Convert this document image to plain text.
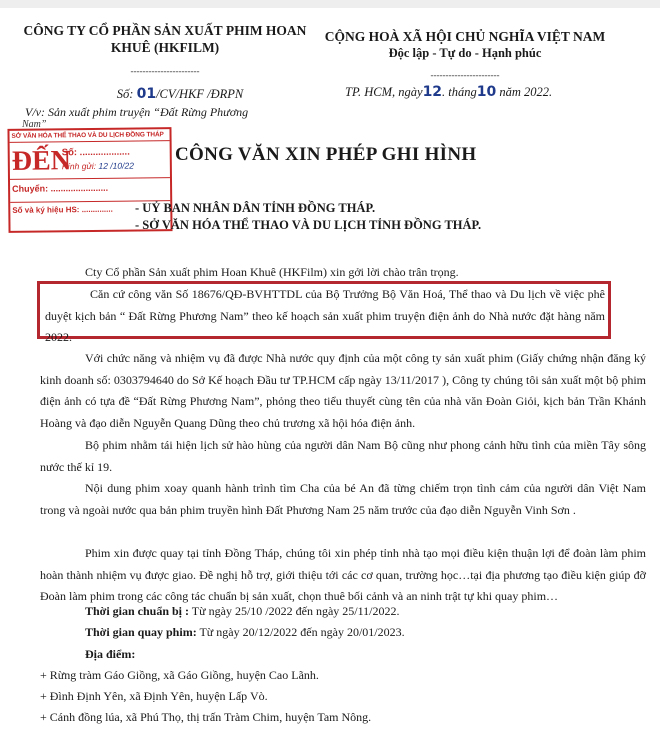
CÔNG TY CỔ PHẦN SẢN XUẤT PHIM HOAN
KHUÊ (HKFILM)
-----------------------
CỘNG HOÀ XÃ HỘI CHỦ NGHĨA VIỆT NAM
Độc lập - Tự do - Hạnh phúc
-----------------------
Số: 01/CV/HKF /ĐRPN
V/v: Sản xuất phim truyện “Đất Rừng Phương
Nam”
TP. HCM, ngày12. tháng10 năm 2022.
SỞ VĂN HÓA THỂ THAO VÀ DU LỊCH ĐỒNG THÁP
ĐẾN
Số: ...................
Kính gửi: 12 /10/22
Chuyển: .......................
Số và ký hiệu HS: ..............
CÔNG VĂN XIN PHÉP GHI HÌNH
- UỶ BAN NHÂN DÂN TỈNH ĐỒNG THÁP.
- SỞ VĂN HÓA THỂ THAO VÀ DU LỊCH TỈNH ĐỒNG THÁP.
Cty Cổ phần Sản xuất phim Hoan Khuê (HKFilm) xin gởi lời chào trân trọng.
Căn cứ công văn Số 18676/QĐ-BVHTTDL của Bộ Trưởng Bộ Văn Hoá, Thể thao và Du lịch về việc phê duyệt kịch bản “ Đất Rừng Phương Nam” theo kế hoạch sản xuất phim truyện điện ảnh do Nhà nước đặt hàng năm 2022.
Với chức năng và nhiệm vụ đã được Nhà nước quy định của một công ty sản xuất phim (Giấy chứng nhận đăng ký kinh doanh số: 0303794640 do Sở Kế hoạch Đầu tư TP.HCM cấp ngày 13/11/2017 ), Công ty chúng tôi sản xuất một bộ phim điện ảnh có tựa đề “Đất Rừng Phương Nam”, phỏng theo tiểu thuyết cùng tên của nhà văn Đoàn Giỏi, kịch bản Trần Khánh Hoàng và đạo diễn Nguyễn Quang Dũng theo chủ trương xã hội hóa điện ảnh.
Bộ phim nhằm tái hiện lịch sử hào hùng của người dân Nam Bộ cũng như phong cảnh hữu tình của miền Tây sông nước thế kỉ 19.
Nội dung phim xoay quanh hành trình tìm Cha của bé An đã từng chiếm trọn tình cảm của người dân Việt Nam trong và ngoài nước qua bản phim truyền hình Đất Phương Nam 25 năm trước của đạo diễn Nguyễn Vinh Sơn .
Phim xin được quay tại tỉnh Đồng Tháp, chúng tôi xin phép tỉnh nhà tạo mọi điều kiện thuận lợi để đoàn làm phim hoàn thành nhiệm vụ được giao. Đề nghị hỗ trợ, giới thiệu tới các cơ quan, trường học…tại địa phương tạo điều kiện giúp đỡ Đoàn làm phim trong các công tác chuẩn bị sản xuất, chọn thuê bối cảnh và an ninh trật tự khi quay phim…
Thời gian chuẩn bị : Từ ngày 25/10 /2022 đến ngày 25/11/2022.
Thời gian quay phim: Từ ngày 20/12/2022 đến ngày 20/01/2023.
Địa điểm:
+ Rừng tràm Gáo Giồng, xã Gáo Giồng, huyện Cao Lãnh.
+ Đình Định Yên, xã Định Yên, huyện Lấp Vò.
+ Cánh đồng lúa, xã Phú Thọ, thị trấn Tràm Chim, huyện Tam Nông.
